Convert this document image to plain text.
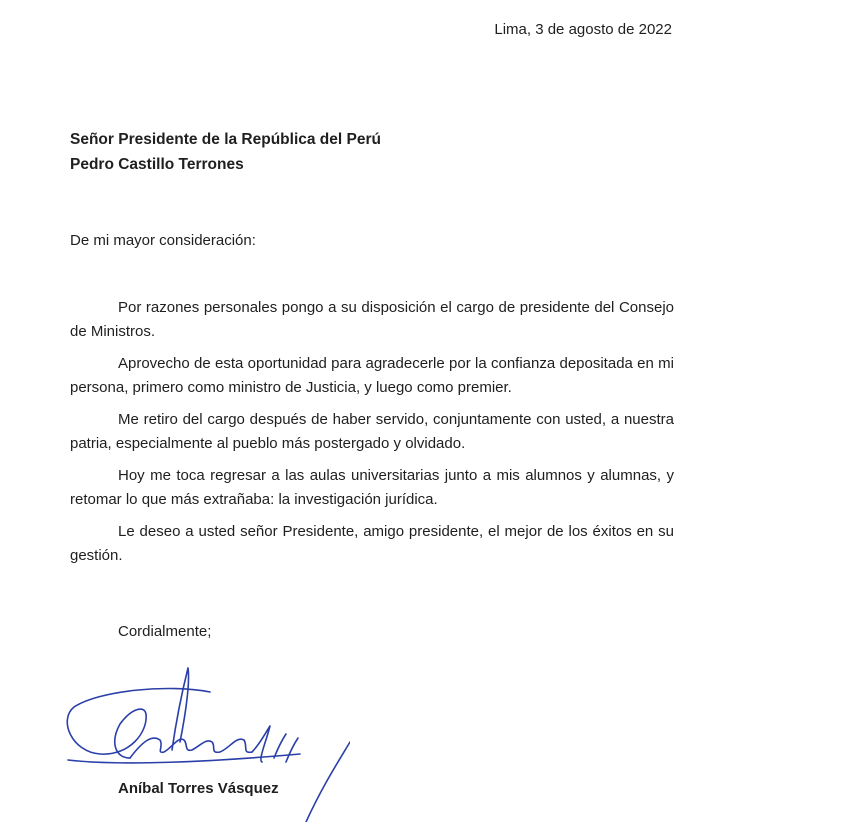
Lima, 3 de agosto de 2022
Señor Presidente de la República del Perú
Pedro Castillo Terrones
De mi mayor consideración:

Por razones personales pongo a su disposición el cargo de presidente del Consejo de Ministros.

Aprovecho de esta oportunidad para agradecerle por la confianza depositada en mi persona, primero como ministro de Justicia, y luego como premier.

Me retiro del cargo después de haber servido, conjuntamente con usted, a nuestra patria, especialmente al pueblo más postergado y olvidado.

Hoy me toca regresar a las aulas universitarias junto a mis alumnos y alumnas, y retomar lo que más extrañaba: la investigación jurídica.

Le deseo a usted señor Presidente, amigo presidente, el mejor de los éxitos en su gestión.

Cordialmente;
Aníbal Torres Vásquez
